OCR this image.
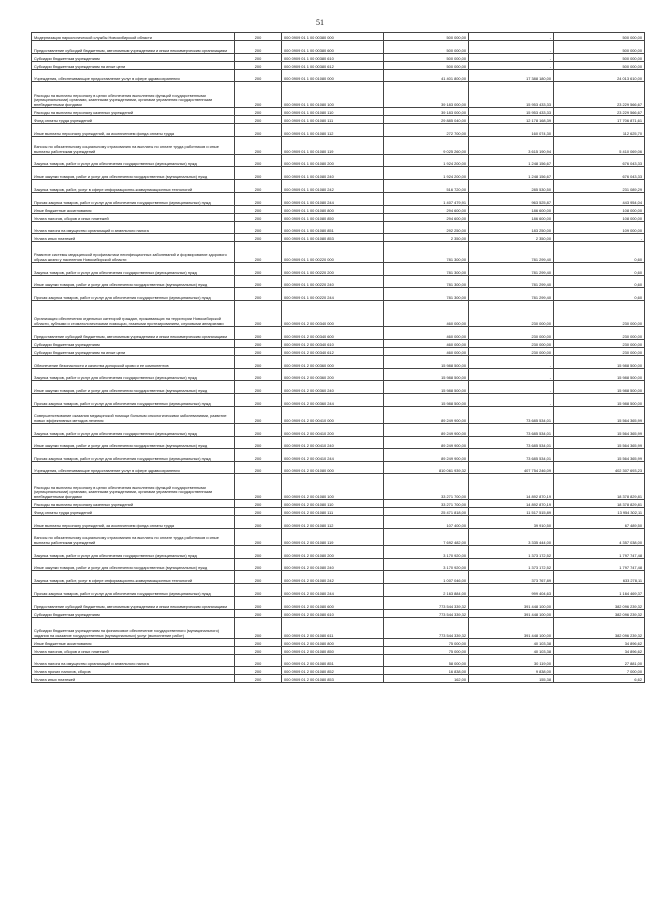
51
Модернизация наркологической службы Новосибирской области	200	000 0909 01 1 00 00380 000	500 000,00	-	500 000,00
Предоставление субсидий бюджетным, автономным учреждениям и иным некоммерческим организациям	200	000 0909 01 1 00 00380 600	500 000,00	-	500 000,00
Субсидии бюджетным учреждениям	200	000 0909 01 1 00 00380 610	500 000,00	-	500 000,00
Субсидии бюджетным учреждениям на иные цели	200	000 0909 01 1 00 00380 612	500 000,00	-	500 000,00
Учреждения, обеспечивающие предоставление услуг в сфере здравоохранения	200	000 0909 01 1 00 01080 000	41 401 800,00	17 388 180,00	24 013 610,00
Расходы на выплаты персоналу в целях обеспечения выполнения функций государственными (муниципальными) органами, казенными учреждениями, органами управления государственными внебюджетными фондами	200	000 0909 01 1 00 01080 100	39 183 000,00	15 953 433,33	23 229 566,67
Расходы на выплаты персоналу казенных учреждений	200	000 0909 01 1 00 01080 110	39 183 000,00	15 953 433,33	23 229 566,67
Фонд оплаты труда учреждений	200	000 0909 01 1 00 01080 111	29 885 040,00	12 178 168,39	17 706 871,61
Иные выплаты персоналу учреждений, за исключением фонда оплаты труда	200	000 0909 01 1 00 01080 112	272 700,00	160 074,30	112 625,70
Взносы по обязательному социальному страхованию на выплаты по оплате труда работников и иные выплаты работникам учреждений	200	000 0909 01 1 00 01080 119	9 025 260,00	3 615 190,94	5 410 069,06
Закупка товаров, работ и услуг для обеспечения государственных (муниципальных) нужд	200	000 0909 01 1 00 01080 200	1 924 200,00	1 248 156,67	676 043,33
Иные закупки товаров, работ и услуг для обеспечения государственных (муниципальных) нужд	200	000 0909 01 1 00 01080 240	1 924 200,00	1 248 156,67	676 043,33
Закупка товаров, работ, услуг в сфере информационно-коммуникационных технологий	200	000 0909 01 1 00 01080 242	516 720,00	285 530,50	231 089,29
Прочая закупка товаров, работ и услуг для обеспечения государственных (муниципальных) нужд	200	000 0909 01 1 00 01080 244	1 407 479,91	963 525,87	443 954,04
Иные бюджетные ассигнования	200	000 0909 01 1 00 01080 800	294 600,00	186 600,00	108 000,00
Уплата налогов, сборов и иных платежей	200	000 0909 01 1 00 01080 850	294 600,00	186 600,00	108 000,00
Уплата налога на имущество организаций и земельного налога	200	000 0909 01 1 00 01080 851	292 250,00	183 250,00	109 000,00
Уплата иных платежей	200	000 0909 01 1 00 01080 853	2 350,00	2 350,00	-
Развитие системы медицинской профилактики неинфекционных заболеваний и формирование здорового образа жизни у населения Новосибирской области	200	000 0909 01 1 00 00220 000	781 300,00	781 299,40	0,60
Закупка товаров, работ и услуг для обеспечения государственных (муниципальных) нужд	200	000 0909 01 1 00 00220 200	781 300,00	781 299,40	0,60
Иные закупки товаров, работ и услуг для обеспечения государственных (муниципальных) нужд	200	000 0909 01 1 00 00220 240	781 300,00	781 299,40	0,60
Прочая закупка товаров, работ и услуг для обеспечения государственных (муниципальных) нужд	200	000 0909 01 1 00 00220 244	781 300,00	781 299,40	0,60
Организация обеспечения отдельных категорий граждан, проживающих на территории Новосибирской области, зубными и стоматологическими помощью, глазными протезированием, слуховыми аппаратами	200	000 0909 01 2 00 00340 000	460 000,00	230 000,00	230 000,00
Предоставление субсидий бюджетным, автономным учреждениям и иным некоммерческим организациям	200	000 0909 01 2 00 00340 600	460 000,00	230 000,00	230 000,00
Субсидии бюджетным учреждениям	200	000 0909 01 2 00 00340 610	460 000,00	230 000,00	230 000,00
Субсидии бюджетным учреждениям на иные цели	200	000 0909 01 2 00 00340 612	460 000,00	230 000,00	230 000,00
Обеспечение безопасности и качества донорской крови и ее компонентов	200	000 0909 01 2 00 00360 000	15 988 500,00	-	15 988 500,00
Закупка товаров, работ и услуг для обеспечения государственных (муниципальных) нужд	200	000 0909 01 2 00 00360 200	15 988 500,00	-	15 988 500,00
Иные закупки товаров, работ и услуг для обеспечения государственных (муниципальных) нужд	200	000 0909 01 2 00 00360 240	15 988 500,00	-	15 988 500,00
Прочая закупка товаров, работ и услуг для обеспечения государственных (муниципальных) нужд	200	000 0909 01 2 00 00360 244	15 988 500,00	-	15 988 500,00
Совершенствование оказания медицинской помощи больным онкологическими заболеваниями, развитие новых эффективных методов лечения	200	000 0909 01 2 00 00410 000	89 249 900,00	73 685 534,01	15 564 365,99
Закупка товаров, работ и услуг для обеспечения государственных (муниципальных) нужд	200	000 0909 01 2 00 00410 200	89 249 900,00	73 685 534,01	15 564 365,99
Иные закупки товаров, работ и услуг для обеспечения государственных (муниципальных) нужд	200	000 0909 01 2 00 00410 240	89 249 900,00	73 685 534,01	15 564 365,99
Прочая закупка товаров, работ и услуг для обеспечения государственных (муниципальных) нужд	200	000 0909 01 2 00 00410 244	89 249 900,00	73 685 534,01	15 564 365,99
Учреждения, обеспечивающие предоставление услуг в сфере здравоохранения	200	000 0909 01 2 00 01080 000	810 061 939,32	407 754 246,09	402 307 693,23
Расходы на выплаты персоналу в целях обеспечения выполнения функций государственными (муниципальными) органами, казенными учреждениями, органами управления государственными внебюджетными фондами	200	000 0909 01 2 00 01080 100	33 271 700,00	14 892 870,19	18 378 829,81
Расходы на выплаты персоналу казенных учреждений	200	000 0909 01 2 00 01080 110	33 271 700,00	14 892 870,19	18 378 829,81
Фонд оплаты труда учреждений	200	000 0909 01 2 00 01080 111	25 471 818,00	11 517 515,89	13 954 302,11
Иные выплаты персоналу учреждений, за исключением фонда оплаты труда	200	000 0909 01 2 00 01080 112	107 400,00	39 910,50	67 489,50
Взносы по обязательному социальному страхованию на выплаты по оплате труда работников и иные выплаты работникам учреждений	200	000 0909 01 2 00 01080 119	7 692 482,00	3 335 444,00	4 357 038,00
Закупка товаров, работ и услуг для обеспечения государственных (муниципальных) нужд	200	000 0909 01 2 00 01080 200	3 170 920,00	1 373 172,52	1 797 747,48
Иные закупки товаров, работ и услуг для обеспечения государственных (муниципальных) нужд	200	000 0909 01 2 00 01080 240	3 170 920,00	1 373 172,52	1 797 747,48
Закупка товаров, работ, услуг в сфере информационно-коммуникационных технологий	200	000 0909 01 2 00 01080 242	1 007 046,00	373 767,89	633 278,11
Прочая закупка товаров, работ и услуг для обеспечения государственных (муниципальных) нужд	200	000 0909 01 2 00 01080 244	2 163 884,00	999 404,63	1 164 469,37
Предоставление субсидий бюджетным, автономным учреждениям и иным некоммерческим организациям	200	000 0909 01 2 00 01080 600	773 544 339,32	391 448 100,00	382 096 239,32
Субсидии бюджетным учреждениям	200	000 0909 01 2 00 01080 610	773 544 339,32	391 448 100,00	382 096 239,32
Субсидии бюджетным учреждениям на финансовое обеспечение государственного (муниципального) задания на оказание государственных (муниципальных) услуг (выполнение работ)	200	000 0909 01 2 00 01080 611	773 544 339,32	391 448 100,00	382 096 239,32
Иные бюджетные ассигнования	200	000 0909 01 2 00 01080 800	75 000,00	40 103,38	34 896,62
Уплата налогов, сборов и иных платежей	200	000 0909 01 2 00 01080 850	75 000,00	40 103,38	34 896,62
Уплата налога на имущество организаций и земельного налога	200	000 0909 01 2 00 01080 851	58 000,00	30 119,00	27 881,00
Уплата прочих налогов, сборов	200	000 0909 01 2 00 01080 852	16 838,00	9 838,00	7 000,00
Уплата иных платежей	200	000 0909 01 2 00 01080 853	162,00	155,38	6,62
